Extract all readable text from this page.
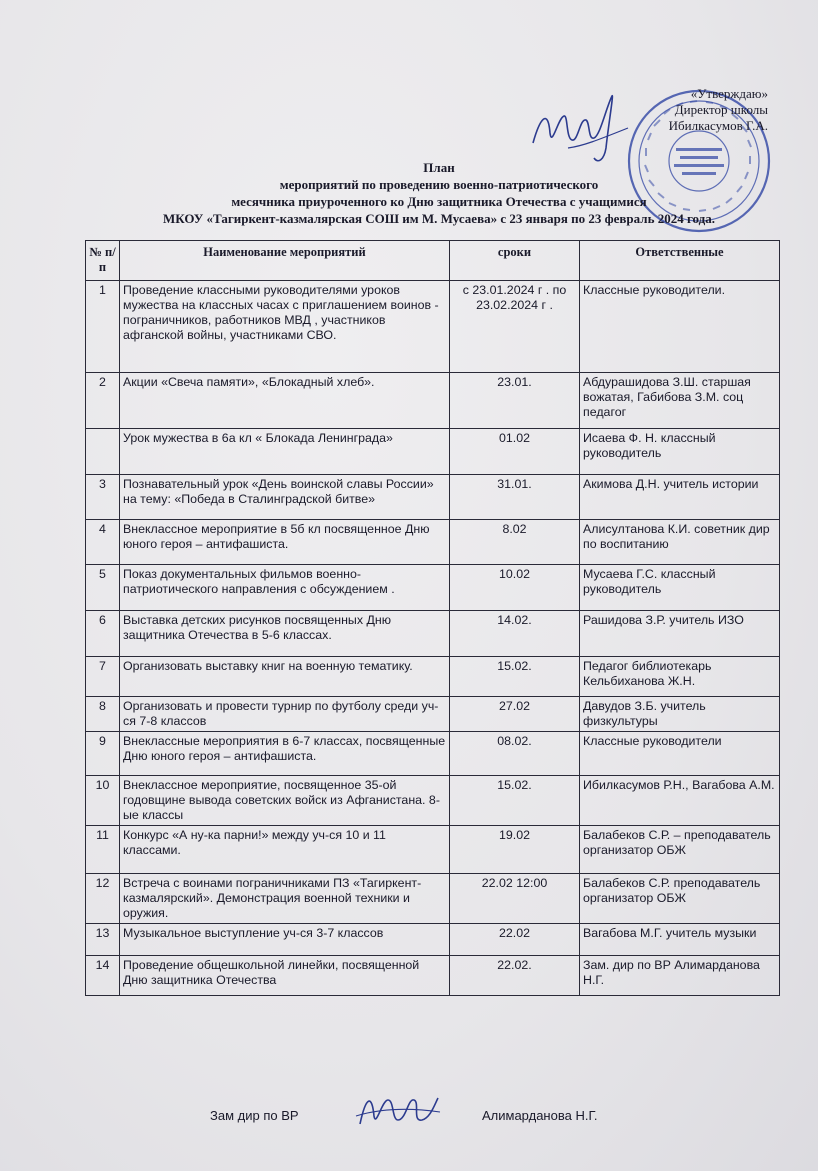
«Утверждаю»
Директор школы
Ибилкасумов Г.А.
План
мероприятий по проведению военно-патриотического
месячника приуроченного ко Дню защитника Отечества с учащимися
МКОУ «Тагиркент-казмалярская СОШ им М. Мусаева» с 23 января по 23 февраль 2024 года.
№ п/п	Наименование мероприятий	сроки	Ответственные
1	Проведение классными руководителями уроков мужества на классных часах с приглашением воинов - пограничников, работников МВД , участников афганской войны, участниками СВО.	с 23.01.2024 г . по 23.02.2024 г .	Классные руководители.
2	Акции «Свеча памяти», «Блокадный хлеб».	23.01.	Абдурашидова З.Ш. старшая вожатая, Габибова З.М. соц педагог
	Урок мужества в 6а кл « Блокада Ленинграда»	01.02	Исаева Ф. Н. классный руководитель
3	Познавательный урок «День воинской славы России» на тему: «Победа в Сталинградской битве»	31.01.	Акимова Д.Н. учитель истории
4	Внеклассное мероприятие в 5б кл посвященное Дню юного героя – антифашиста.	8.02	Алисултанова К.И. советник дир по воспитанию
5	Показ документальных фильмов военно-патриотического направления с обсуждением .	10.02	Мусаева Г.С. классный руководитель
6	Выставка детских рисунков посвященных Дню защитника Отечества в 5-6 классах.	14.02.	Рашидова З.Р. учитель ИЗО
7	Организовать выставку книг на военную тематику.	15.02.	Педагог библиотекарь Кельбиханова Ж.Н.
8	Организовать и провести турнир по футболу среди уч-ся 7-8 классов	27.02	Давудов З.Б. учитель физкультуры
9	Внеклассные мероприятия в 6-7 классах, посвященные Дню юного героя – антифашиста.	08.02.	Классные руководители
10	Внеклассное мероприятие, посвященное 35-ой годовщине вывода советских войск из Афганистана. 8-ые классы	15.02.	Ибилкасумов Р.Н., Вагабова А.М.
11	Конкурс «А ну-ка парни!» между уч-ся 10 и 11 классами.	19.02	Балабеков С.Р. – преподаватель организатор ОБЖ
12	Встреча с воинами пограничниками ПЗ «Тагиркент-казмалярский». Демонстрация военной техники и оружия.	22.02 12:00	Балабеков С.Р. преподаватель организатор ОБЖ
13	Музыкальное выступление уч-ся 3-7 классов	22.02	Вагабова М.Г. учитель музыки
14	Проведение общешкольной линейки, посвященной Дню защитника Отечества	22.02.	Зам. дир по ВР Алимарданова Н.Г.
Зам дир по ВР	Алимарданова Н.Г.
